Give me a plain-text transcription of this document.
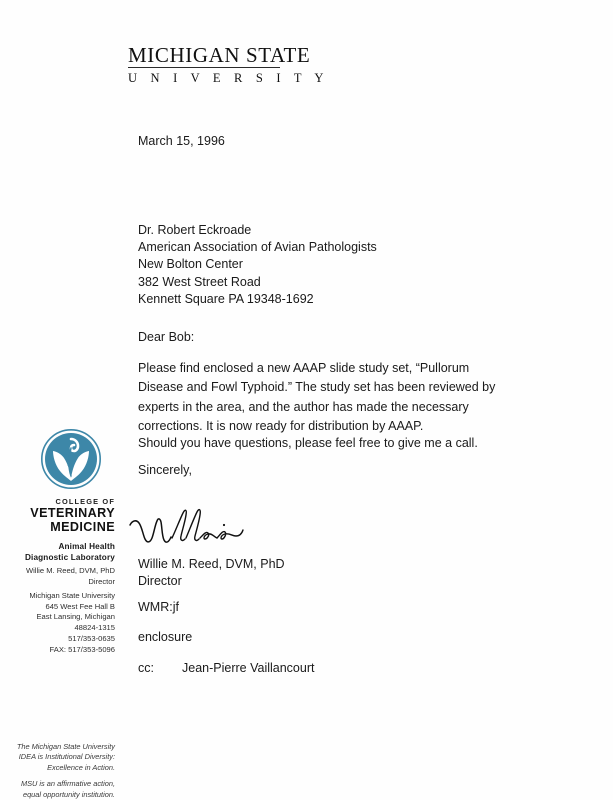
MICHIGAN STATE
U N I V E R S I T Y
March 15, 1996
Dr. Robert Eckroade
American Association of Avian Pathologists
New Bolton Center
382 West Street Road
Kennett Square PA 19348-1692
Dear Bob:
Please find enclosed a new AAAP slide study set, “Pullorum Disease and Fowl Typhoid.” The study set has been reviewed by experts in the area, and the author has made the necessary corrections. It is now ready for distribution by AAAP.
Should you have questions, please feel free to give me a call.
Sincerely,
Willie M. Reed, DVM, PhD
Director
WMR:jf
enclosure
cc: Jean-Pierre Vaillancourt
COLLEGE OF
VETERINARY
MEDICINE
Animal Health
Diagnostic Laboratory
Willie M. Reed, DVM, PhD
Director
Michigan State University
645 West Fee Hall B
East Lansing, Michigan
48824-1315
517/353-0635
FAX: 517/353-5096
The Michigan State University
IDEA is Institutional Diversity:
Excellence in Action.
MSU is an affirmative action,
equal opportunity institution.
